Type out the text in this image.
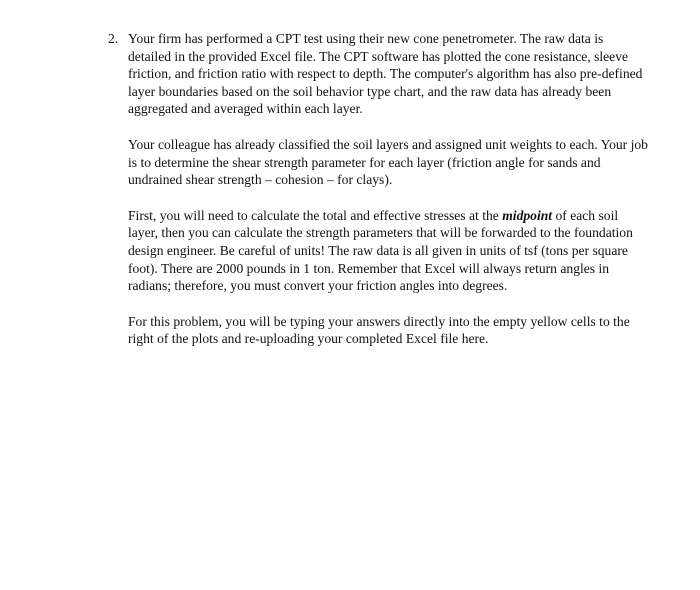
2. Your firm has performed a CPT test using their new cone penetrometer. The raw data is detailed in the provided Excel file. The CPT software has plotted the cone resistance, sleeve friction, and friction ratio with respect to depth. The computer's algorithm has also pre-defined layer boundaries based on the soil behavior type chart, and the raw data has already been aggregated and averaged within each layer.

Your colleague has already classified the soil layers and assigned unit weights to each. Your job is to determine the shear strength parameter for each layer (friction angle for sands and undrained shear strength – cohesion – for clays).

First, you will need to calculate the total and effective stresses at the midpoint of each soil layer, then you can calculate the strength parameters that will be forwarded to the foundation design engineer. Be careful of units! The raw data is all given in units of tsf (tons per square foot). There are 2000 pounds in 1 ton. Remember that Excel will always return angles in radians; therefore, you must convert your friction angles into degrees.

For this problem, you will be typing your answers directly into the empty yellow cells to the right of the plots and re-uploading your completed Excel file here.
